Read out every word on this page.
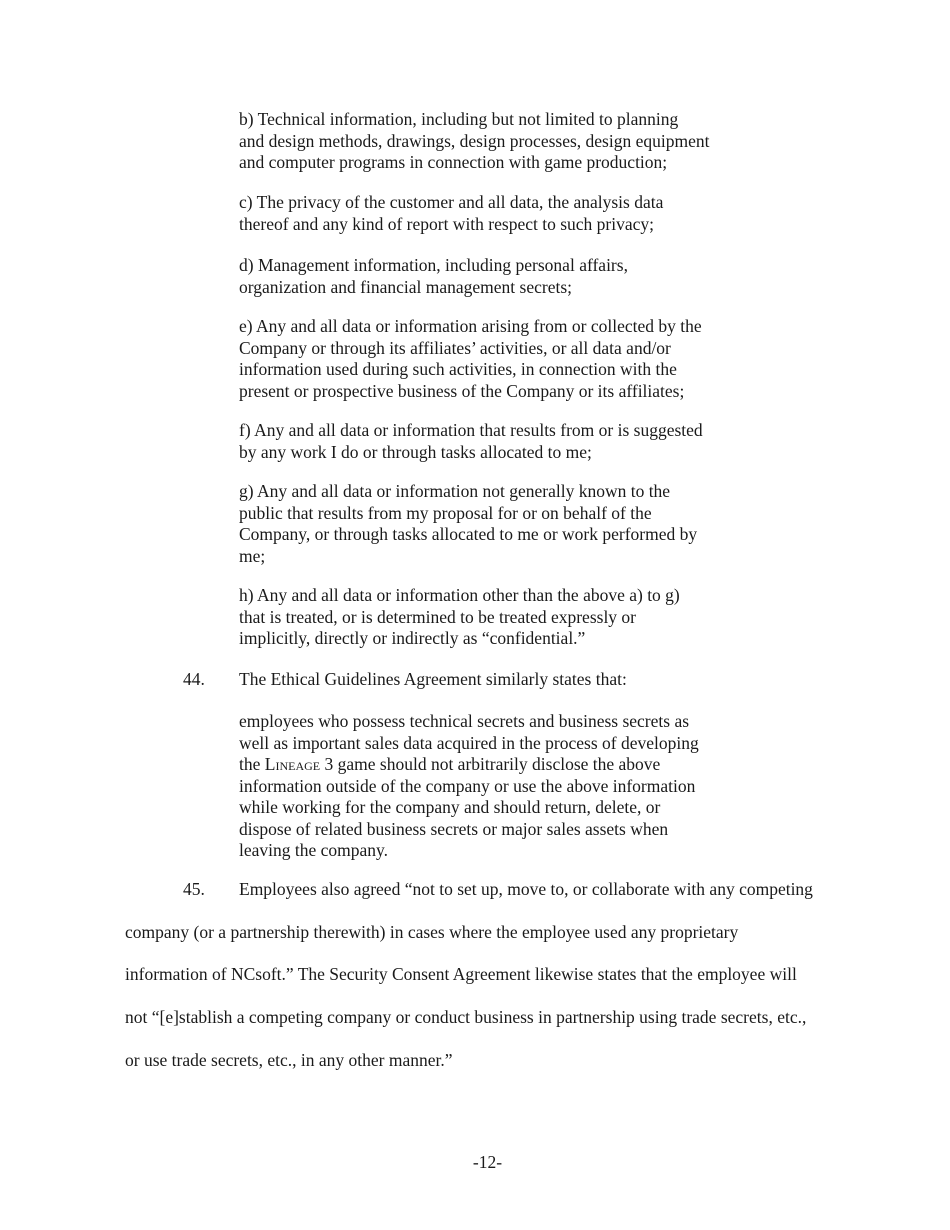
b) Technical information, including but not limited to planning
and design methods, drawings, design processes, design equipment
and computer programs in connection with game production;
c) The privacy of the customer and all data, the analysis data
thereof and any kind of report with respect to such privacy;
d) Management information, including personal affairs,
organization and financial management secrets;
e) Any and all data or information arising from or collected by the
Company or through its affiliates’ activities, or all data and/or
information used during such activities, in connection with the
present or prospective business of the Company or its affiliates;
f) Any and all data or information that results from or is suggested
by any work I do or through tasks allocated to me;
g) Any and all data or information not generally known to the
public that results from my proposal for or on behalf of the
Company, or through tasks allocated to me or work performed by
me;
h) Any and all data or information other than the above a) to g)
that is treated, or is determined to be treated expressly or
implicitly, directly or indirectly as “confidential.”
44. The Ethical Guidelines Agreement similarly states that:
employees who possess technical secrets and business secrets as
well as important sales data acquired in the process of developing
the Lineage 3 game should not arbitrarily disclose the above
information outside of the company or use the above information
while working for the company and should return, delete, or
dispose of related business secrets or major sales assets when
leaving the company.
45. Employees also agreed “not to set up, move to, or collaborate with any competing
company (or a partnership therewith) in cases where the employee used any proprietary
information of NCsoft.” The Security Consent Agreement likewise states that the employee will
not “[e]stablish a competing company or conduct business in partnership using trade secrets, etc.,
or use trade secrets, etc., in any other manner.”
-12-
